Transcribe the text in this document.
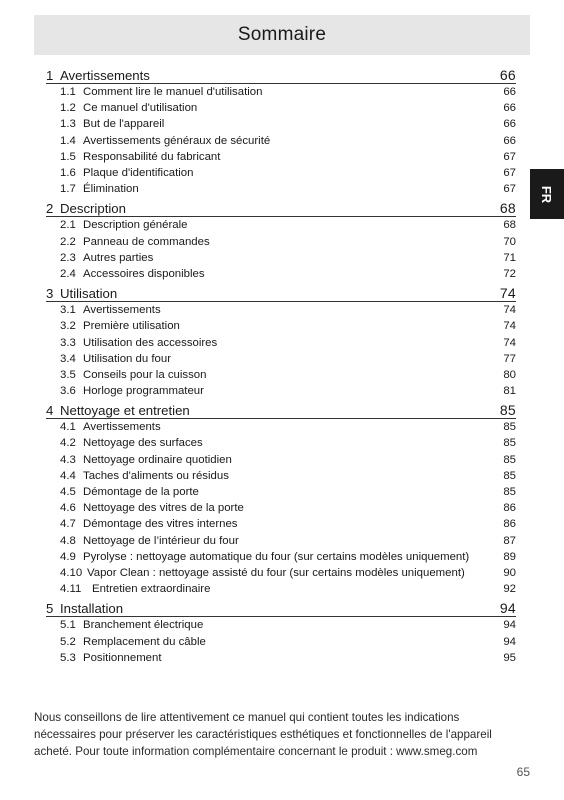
Sommaire
FR
1 Avertissements	66
1.1 Comment lire le manuel d'utilisation	66
1.2 Ce manuel d'utilisation	66
1.3 But de l'appareil	66
1.4 Avertissements généraux de sécurité	66
1.5 Responsabilité du fabricant	67
1.6 Plaque d'identification	67
1.7 Élimination	67
2 Description	68
2.1 Description générale	68
2.2 Panneau de commandes	70
2.3 Autres parties	71
2.4 Accessoires disponibles	72
3 Utilisation	74
3.1 Avertissements	74
3.2 Première utilisation	74
3.3 Utilisation des accessoires	74
3.4 Utilisation du four	77
3.5 Conseils pour la cuisson	80
3.6 Horloge programmateur	81
4 Nettoyage et entretien	85
4.1 Avertissements	85
4.2 Nettoyage des surfaces	85
4.3 Nettoyage ordinaire quotidien	85
4.4 Taches d'aliments ou résidus	85
4.5 Démontage de la porte	85
4.6 Nettoyage des vitres de la porte	86
4.7 Démontage des vitres internes	86
4.8 Nettoyage de l’intérieur du four	87
4.9 Pyrolyse : nettoyage automatique du four (sur certains modèles uniquement)	89
4.10 Vapor Clean : nettoyage assisté du four (sur certains modèles uniquement)	90
4.11 Entretien extraordinaire	92
5 Installation	94
5.1 Branchement électrique	94
5.2 Remplacement du câble	94
5.3 Positionnement	95
Nous conseillons de lire attentivement ce manuel qui contient toutes les indications
nécessaires pour préserver les caractéristiques esthétiques et fonctionnelles de l'appareil
acheté. Pour toute information complémentaire concernant le produit : www.smeg.com
65
